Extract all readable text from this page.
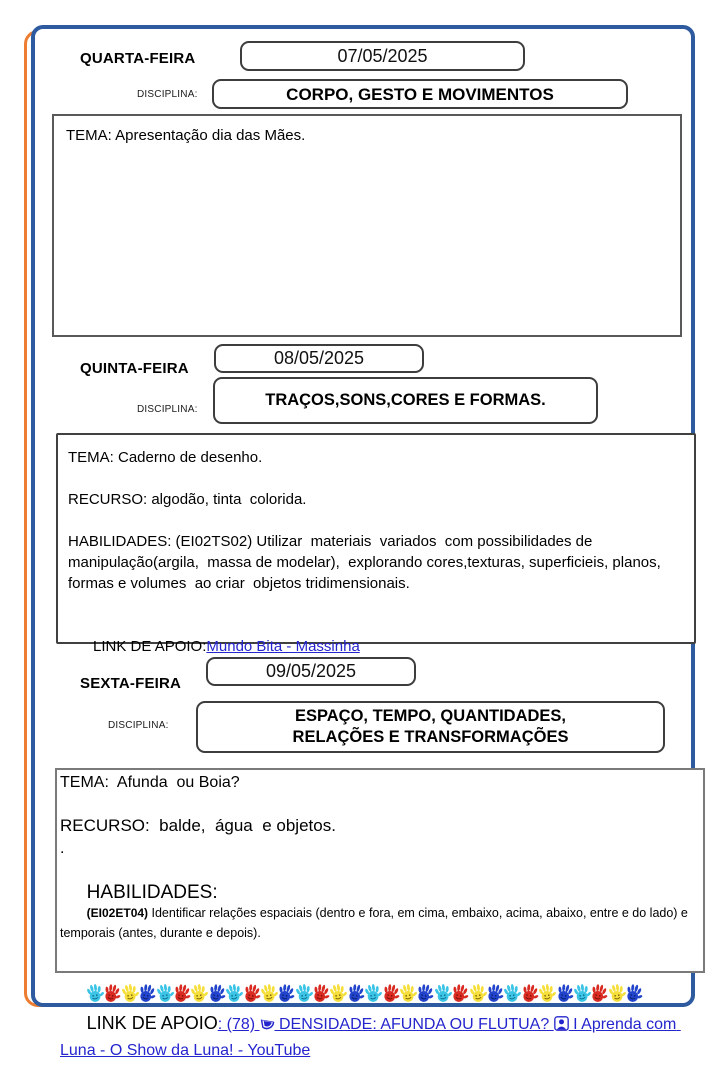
QUARTA-FEIRA	07/05/2025
DISCIPLINA:	CORPO, GESTO E MOVIMENTOS

TEMA: Apresentação dia das Mães.

QUINTA-FEIRA
08/05/2025
DISCIPLINA:
TRAÇOS,SONS,CORES E FORMAS.

TEMA: Caderno de desenho.

RECURSO: algodão, tinta  colorida.

HABILIDADES: (EI02TS02) Utilizar  materiais  variados  com possibilidades de manipulação(argila,  massa de modelar),  explorando cores,texturas, superficieis, planos,  formas e volumes  ao criar  objetos tridimensionais.

LINK DE APOIO:Mundo Bita - Massinha

SEXTA-FEIRA
09/05/2025
DISCIPLINA:
ESPAÇO, TEMPO, QUANTIDADES,
RELAÇÕES E TRANSFORMAÇÕES

TEMA:  Afunda  ou Boia?

RECURSO:  balde,  água  e objetos.

.

HABILIDADES:
(EI02ET04) Identificar relações espaciais (dentro e fora, em cima, embaixo, acima, abaixo, entre e do lado) e temporais (antes, durante e depois).

LINK DE APOIO: (78)  DENSIDADE: AFUNDA OU FLUTUA?  I Aprenda com Luna - O Show da Luna! - YouTube
